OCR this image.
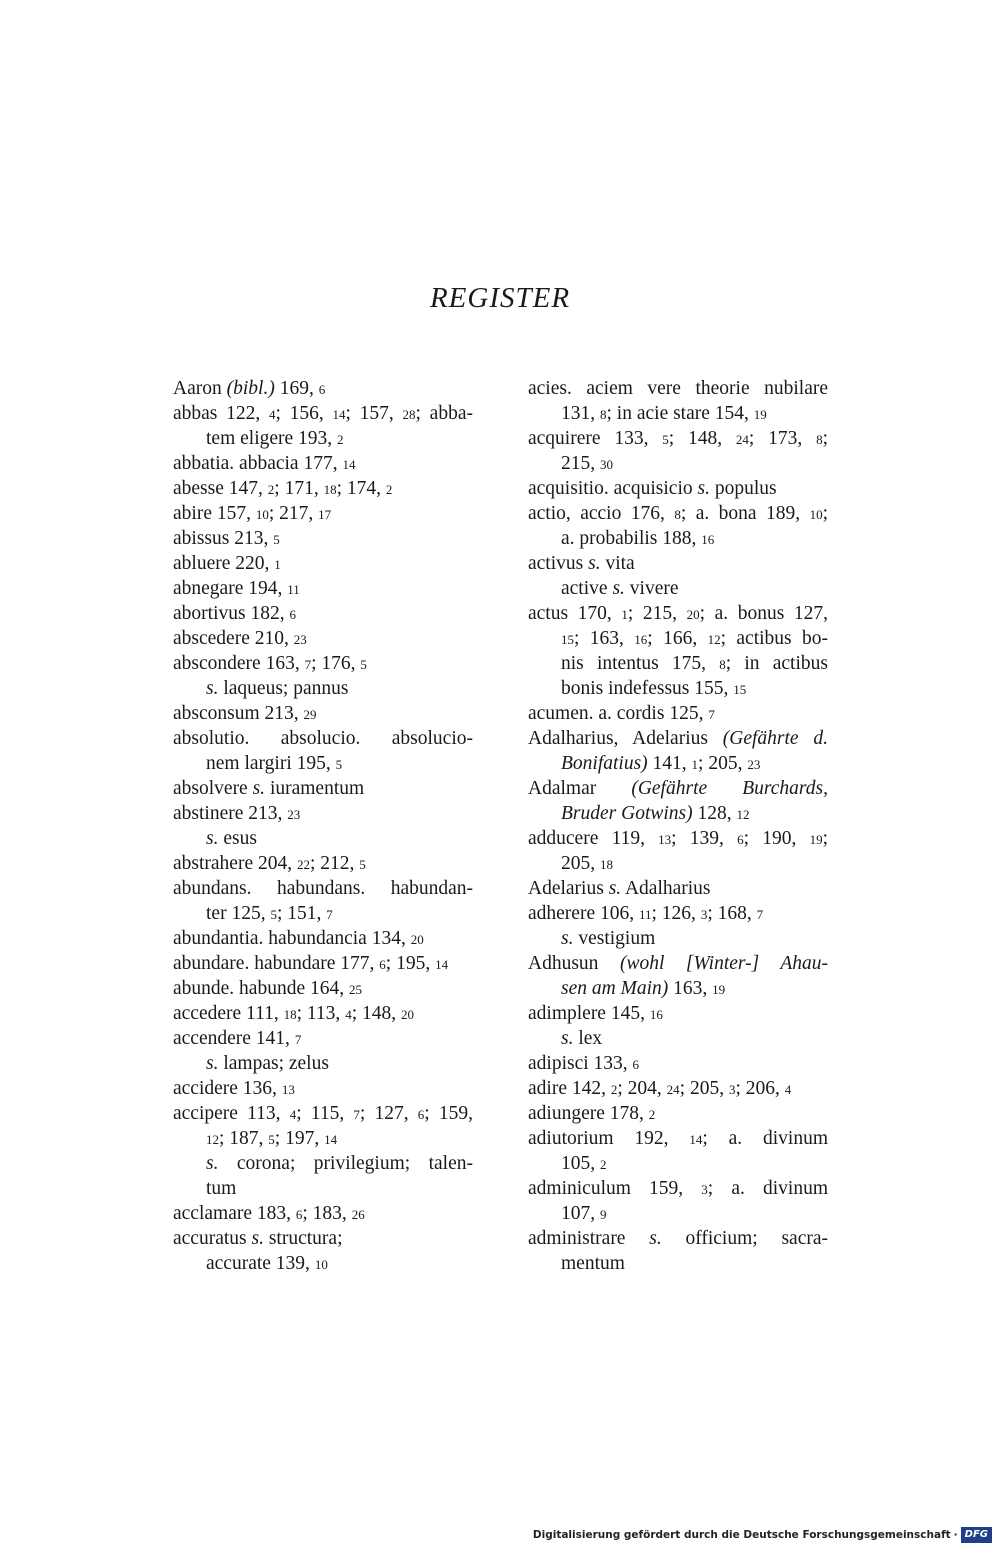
REGISTER
Aaron (bibl.) 169, 6
abbas 122, 4; 156, 14; 157, 28; abba-
tem eligere 193, 2
abbatia. abbacia 177, 14
abesse 147, 2; 171, 18; 174, 2
abire 157, 10; 217, 17
abissus 213, 5
abluere 220, 1
abnegare 194, 11
abortivus 182, 6
abscedere 210, 23
abscondere 163, 7; 176, 5
s. laqueus; pannus
absconsum 213, 29
absolutio. absolucio. absolucio-
nem largiri 195, 5
absolvere s. iuramentum
abstinere 213, 23
s. esus
abstrahere 204, 22; 212, 5
abundans. habundans. habundan-
ter 125, 5; 151, 7
abundantia. habundancia 134, 20
abundare. habundare 177, 6; 195, 14
abunde. habunde 164, 25
accedere 111, 18; 113, 4; 148, 20
accendere 141, 7
s. lampas; zelus
accidere 136, 13
accipere 113, 4; 115, 7; 127, 6; 159,
12; 187, 5; 197, 14
s. corona; privilegium; talen-
tum
acclamare 183, 6; 183, 26
accuratus s. structura;
accurate 139, 10
acies. aciem vere theorie nubilare
131, 8; in acie stare 154, 19
acquirere 133, 5; 148, 24; 173, 8;
215, 30
acquisitio. acquisicio s. populus
actio, accio 176, 8; a. bona 189, 10;
a. probabilis 188, 16
activus s. vita
active s. vivere
actus 170, 1; 215, 20; a. bonus 127,
15; 163, 16; 166, 12; actibus bo-
nis intentus 175, 8; in actibus
bonis indefessus 155, 15
acumen. a. cordis 125, 7
Adalharius, Adelarius (Gefährte d.
Bonifatius) 141, 1; 205, 23
Adalmar (Gefährte Burchards,
Bruder Gotwins) 128, 12
adducere 119, 13; 139, 6; 190, 19;
205, 18
Adelarius s. Adalharius
adherere 106, 11; 126, 3; 168, 7
s. vestigium
Adhusun (wohl [Winter-] Ahau-
sen am Main) 163, 19
adimplere 145, 16
s. lex
adipisci 133, 6
adire 142, 2; 204, 24; 205, 3; 206, 4
adiungere 178, 2
adiutorium 192, 14; a. divinum
105, 2
adminiculum 159, 3; a. divinum
107, 9
administrare s. officium; sacra-
mentum
Digitalisierung gefördert durch die Deutsche Forschungsgemeinschaft · DFG
